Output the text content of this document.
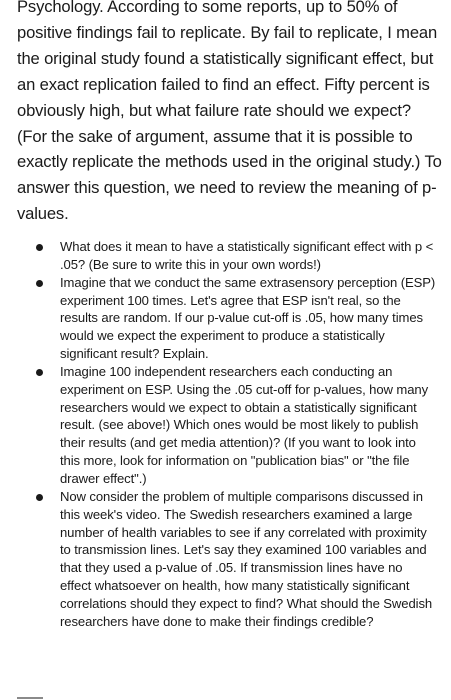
Psychology. According to some reports, up to 50% of positive findings fail to replicate. By fail to replicate, I mean the original study found a statistically significant effect, but an exact replication failed to find an effect. Fifty percent is obviously high, but what failure rate should we expect? (For the sake of argument, assume that it is possible to exactly replicate the methods used in the original study.) To answer this question, we need to review the meaning of p-values.

What does it mean to have a statistically significant effect with p < .05? (Be sure to write this in your own words!)
Imagine that we conduct the same extrasensory perception (ESP) experiment 100 times. Let's agree that ESP isn't real, so the results are random. If our p-value cut-off is .05, how many times would we expect the experiment to produce a statistically significant result? Explain.
Imagine 100 independent researchers each conducting an experiment on ESP. Using the .05 cut-off for p-values, how many researchers would we expect to obtain a statistically significant result. (see above!) Which ones would be most likely to publish their results (and get media attention)? (If you want to look into this more, look for information on "publication bias" or "the file drawer effect".)
Now consider the problem of multiple comparisons discussed in this week's video. The Swedish researchers examined a large number of health variables to see if any correlated with proximity to transmission lines. Let's say they examined 100 variables and that they used a p-value of .05. If transmission lines have no effect whatsoever on health, how many statistically significant correlations should they expect to find? What should the Swedish researchers have done to make their findings credible?
